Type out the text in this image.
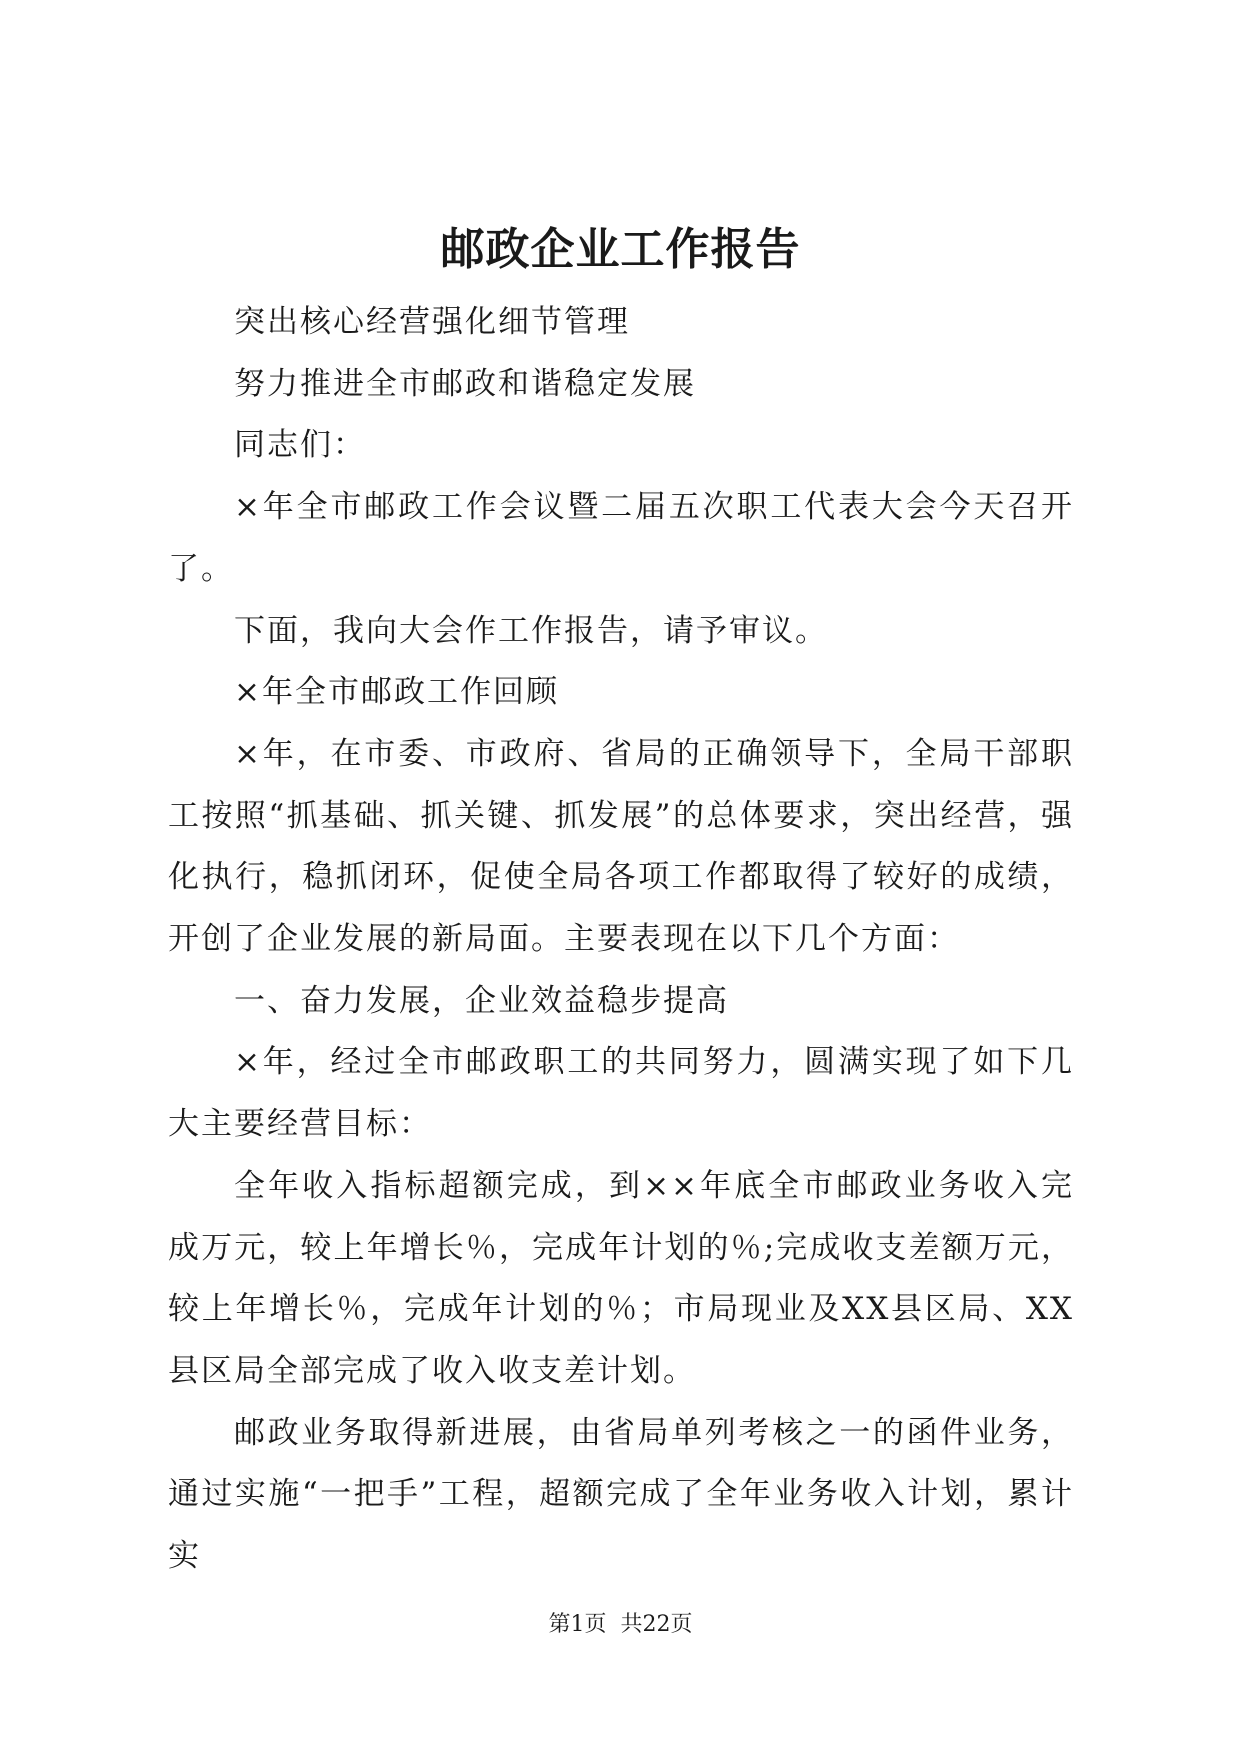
邮政企业工作报告

突出核心经营强化细节管理

努力推进全市邮政和谐稳定发展

同志们：

×年全市邮政工作会议暨二届五次职工代表大会今天召开了。

下面，我向大会作工作报告，请予审议。

×年全市邮政工作回顾

×年，在市委、市政府、省局的正确领导下，全局干部职工按照“抓基础、抓关键、抓发展”的总体要求，突出经营，强化执行，稳抓闭环，促使全局各项工作都取得了较好的成绩，开创了企业发展的新局面。主要表现在以下几个方面：

一、奋力发展，企业效益稳步提高

×年，经过全市邮政职工的共同努力，圆满实现了如下几大主要经营目标：

全年收入指标超额完成，到××年底全市邮政业务收入完成万元，较上年增长％，完成年计划的％;完成收支差额万元，较上年增长％，完成年计划的％；市局现业及XX县区局、XX县区局全部完成了收入收支差计划。

邮政业务取得新进展，由省局单列考核之一的函件业务，通过实施“一把手”工程，超额完成了全年业务收入计划，累计实

第1页 共22页
